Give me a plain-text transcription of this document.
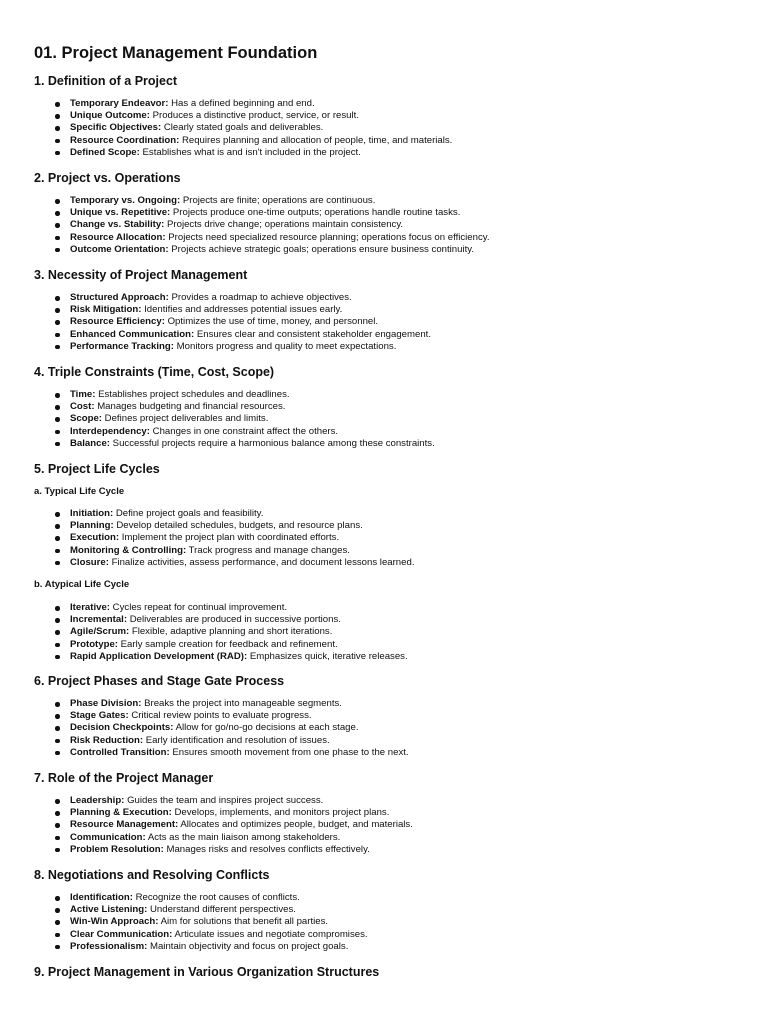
01. Project Management Foundation
1. Definition of a Project
Temporary Endeavor: Has a defined beginning and end.
Unique Outcome: Produces a distinctive product, service, or result.
Specific Objectives: Clearly stated goals and deliverables.
Resource Coordination: Requires planning and allocation of people, time, and materials.
Defined Scope: Establishes what is and isn't included in the project.
2. Project vs. Operations
Temporary vs. Ongoing: Projects are finite; operations are continuous.
Unique vs. Repetitive: Projects produce one-time outputs; operations handle routine tasks.
Change vs. Stability: Projects drive change; operations maintain consistency.
Resource Allocation: Projects need specialized resource planning; operations focus on efficiency.
Outcome Orientation: Projects achieve strategic goals; operations ensure business continuity.
3. Necessity of Project Management
Structured Approach: Provides a roadmap to achieve objectives.
Risk Mitigation: Identifies and addresses potential issues early.
Resource Efficiency: Optimizes the use of time, money, and personnel.
Enhanced Communication: Ensures clear and consistent stakeholder engagement.
Performance Tracking: Monitors progress and quality to meet expectations.
4. Triple Constraints (Time, Cost, Scope)
Time: Establishes project schedules and deadlines.
Cost: Manages budgeting and financial resources.
Scope: Defines project deliverables and limits.
Interdependency: Changes in one constraint affect the others.
Balance: Successful projects require a harmonious balance among these constraints.
5. Project Life Cycles
a. Typical Life Cycle
Initiation: Define project goals and feasibility.
Planning: Develop detailed schedules, budgets, and resource plans.
Execution: Implement the project plan with coordinated efforts.
Monitoring & Controlling: Track progress and manage changes.
Closure: Finalize activities, assess performance, and document lessons learned.
b. Atypical Life Cycle
Iterative: Cycles repeat for continual improvement.
Incremental: Deliverables are produced in successive portions.
Agile/Scrum: Flexible, adaptive planning and short iterations.
Prototype: Early sample creation for feedback and refinement.
Rapid Application Development (RAD): Emphasizes quick, iterative releases.
6. Project Phases and Stage Gate Process
Phase Division: Breaks the project into manageable segments.
Stage Gates: Critical review points to evaluate progress.
Decision Checkpoints: Allow for go/no-go decisions at each stage.
Risk Reduction: Early identification and resolution of issues.
Controlled Transition: Ensures smooth movement from one phase to the next.
7. Role of the Project Manager
Leadership: Guides the team and inspires project success.
Planning & Execution: Develops, implements, and monitors project plans.
Resource Management: Allocates and optimizes people, budget, and materials.
Communication: Acts as the main liaison among stakeholders.
Problem Resolution: Manages risks and resolves conflicts effectively.
8. Negotiations and Resolving Conflicts
Identification: Recognize the root causes of conflicts.
Active Listening: Understand different perspectives.
Win-Win Approach: Aim for solutions that benefit all parties.
Clear Communication: Articulate issues and negotiate compromises.
Professionalism: Maintain objectivity and focus on project goals.
9. Project Management in Various Organization Structures
